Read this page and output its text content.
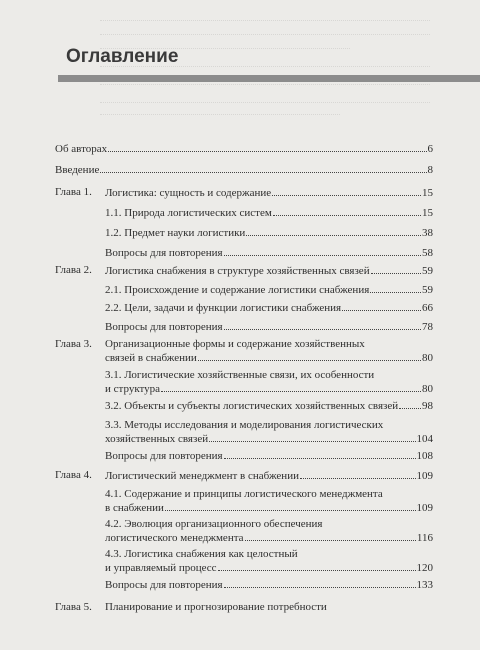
Оглавление
Об авторах	6
Введение	8
Глава 1. Логистика: сущность и содержание	15
1.1. Природа логистических систем	15
1.2. Предмет науки логистики	38
Вопросы для повторения	58
Глава 2. Логистика снабжения в структуре хозяйственных связей	59
2.1. Происхождение и содержание логистики снабжения	59
2.2. Цели, задачи и функции логистики снабжения	66
Вопросы для повторения	78
Глава 3. Организационные формы и содержание хозяйственных
связей в снабжении	80
3.1. Логистические хозяйственные связи, их особенности
и структура	80
3.2. Объекты и субъекты логистических хозяйственных связей 98
3.3. Методы исследования и моделирования логистических
хозяйственных связей	104
Вопросы для повторения	108
Глава 4. Логистический менеджмент в снабжении	109
4.1. Содержание и принципы логистического менеджмента
в снабжении	109
4.2. Эволюция организационного обеспечения
логистического менеджмента	116
4.3. Логистика снабжения как целостный
и управляемый процесс	120
Вопросы для повторения	133
Глава 5. Планирование и прогнозирование потребности
